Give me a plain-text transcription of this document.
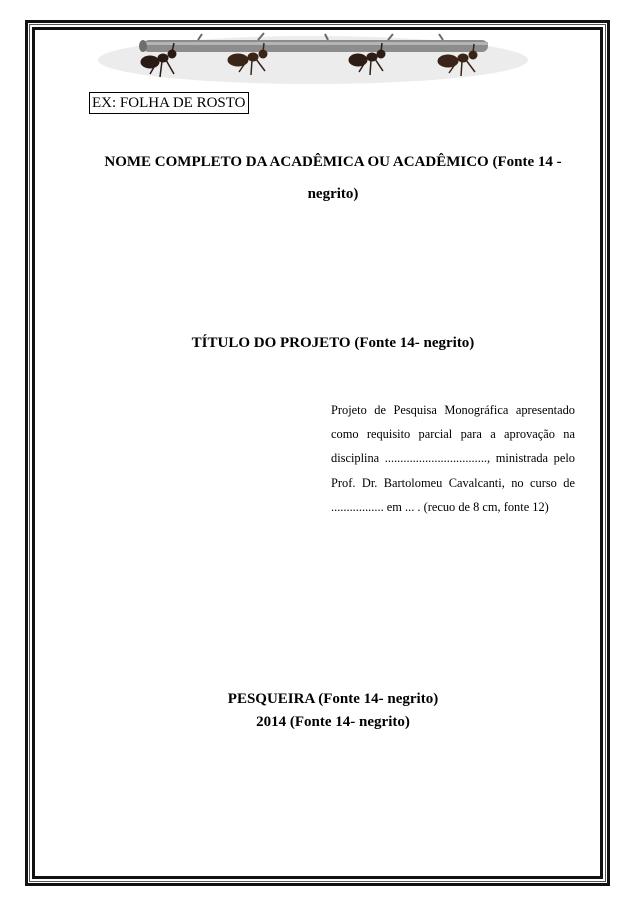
EX: FOLHA DE ROSTO
NOME COMPLETO DA ACADÊMICA OU ACADÊMICO (Fonte 14 - negrito)
TÍTULO DO PROJETO (Fonte 14- negrito)
Projeto de Pesquisa Monográfica apresentado como requisito parcial para a aprovação na disciplina ................................., ministrada pelo Prof. Dr. Bartolomeu Cavalcanti, no curso de ................. em ... . (recuo de 8 cm, fonte 12)
PESQUEIRA (Fonte 14- negrito)
2014 (Fonte 14- negrito)
